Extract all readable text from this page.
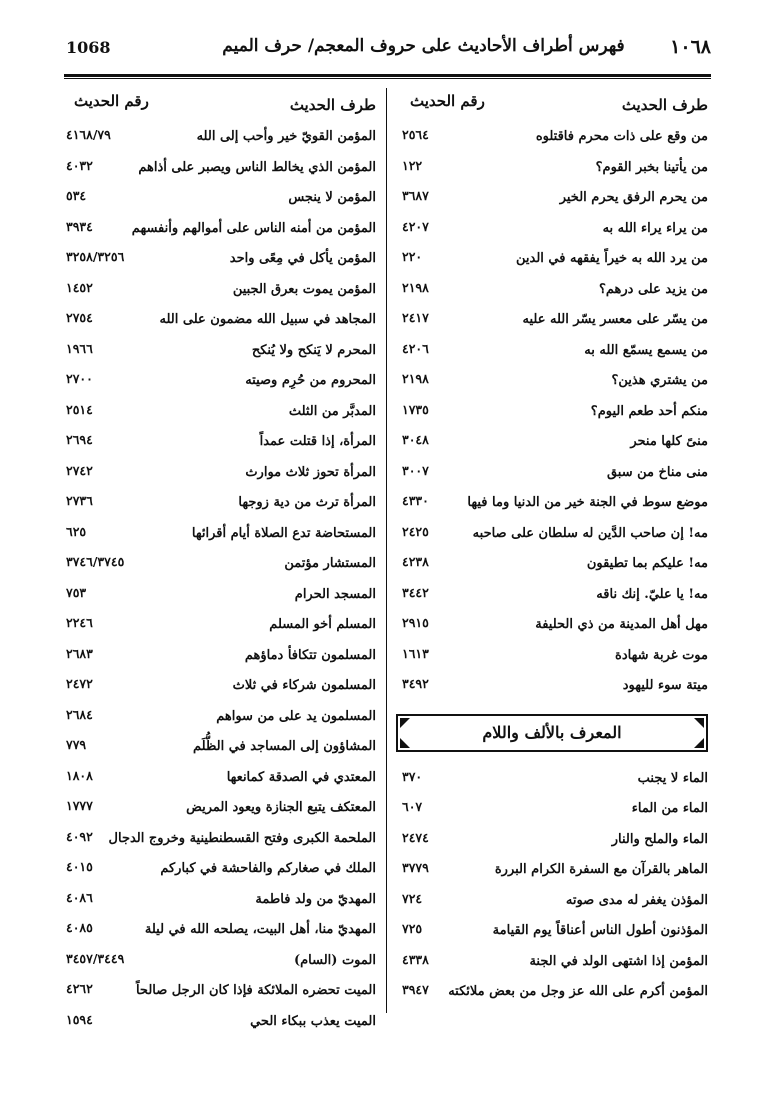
1068	فهرس أطراف الأحاديث على حروف المعجم/ حرف الميم	١٠٦٨
طرف الحديث
رقم الحديث
من وقع على ذات محرم فاقتلوه
٢٥٦٤
من يأتينا بخبر القوم؟
١٢٢
من يحرم الرفق يحرم الخير
٣٦٨٧
من يراء يراء الله به
٤٢٠٧
من يرد الله به خيراً يفقهه في الدين
٢٢٠
من يزيد على درهم؟
٢١٩٨
من يسّر على معسر يسّر الله عليه
٢٤١٧
من يسمع يسمّع الله به
٤٢٠٦
من يشتري هذين؟
٢١٩٨
منكم أحد طعم اليوم؟
١٧٣٥
منىً كلها منحر
٣٠٤٨
منى مناخ من سبق
٣٠٠٧
موضع سوط في الجنة خير من الدنيا وما فيها
٤٣٣٠
مه! إن صاحب الدَّين له سلطان على صاحبه
٢٤٢٥
مه! عليكم بما تطيقون
٤٢٣٨
مه! يا عليّ. إنك ناقه
٣٤٤٢
مهل أهل المدينة من ذي الحليفة
٢٩١٥
موت غربة شهادة
١٦١٣
ميتة سوء لليهود
٣٤٩٢
المعرف بالألف واللام
الماء لا يجنب
٣٧٠
الماء من الماء
٦٠٧
الماء والملح والنار
٢٤٧٤
الماهر بالقرآن مع السفرة الكرام البررة
٣٧٧٩
المؤذن يغفر له مدى صوته
٧٢٤
المؤذنون أطول الناس أعناقاً يوم القيامة
٧٢٥
المؤمن إذا اشتهى الولد في الجنة
٤٣٣٨
المؤمن أكرم على الله عز وجل من بعض ملائكته
٣٩٤٧
طرف الحديث
رقم الحديث
المؤمن القويّ خير وأحب إلى الله
٤١٦٨/٧٩
المؤمن الذي يخالط الناس ويصبر على أذاهم
٤٠٣٢
المؤمن لا ينجس
٥٣٤
المؤمن من أمنه الناس على أموالهم وأنفسهم
٣٩٣٤
المؤمن يأكل في مِعًى واحد
٣٢٥٨/٣٢٥٦
المؤمن يموت بعرق الجبين
١٤٥٢
المجاهد في سبيل الله مضمون على الله
٢٧٥٤
المحرم لا يَنكح ولا يُنكح
١٩٦٦
المحروم من حُرِم وصيته
٢٧٠٠
المدبَّر من الثلث
٢٥١٤
المرأة، إذا قتلت عمداً
٢٦٩٤
المرأة تحوز ثلاث موارث
٢٧٤٢
المرأة ترث من دية زوجها
٢٧٣٦
المستحاضة تدع الصلاة أيام أقرائها
٦٢٥
المستشار مؤتمن
٣٧٤٦/٣٧٤٥
المسجد الحرام
٧٥٣
المسلم أخو المسلم
٢٢٤٦
المسلمون تتكافأ دماؤهم
٢٦٨٣
المسلمون شركاء في ثلاث
٢٤٧٢
المسلمون يد على من سواهم
٢٦٨٤
المشاؤون إلى المساجد في الظُّلَم
٧٧٩
المعتدي في الصدقة كمانعها
١٨٠٨
المعتكف يتبع الجنازة ويعود المريض
١٧٧٧
الملحمة الكبرى وفتح القسطنطينية وخروج الدجال
٤٠٩٢
الملك في صغاركم والفاحشة في كباركم
٤٠١٥
المهديّ من ولد فاطمة
٤٠٨٦
المهديّ منا، أهل البيت، يصلحه الله في ليلة
٤٠٨٥
الموت (السام)
٣٤٥٧/٣٤٤٩
الميت تحضره الملائكة فإذا كان الرجل صالحاً
٤٢٦٢
الميت يعذب ببكاء الحي
١٥٩٤
